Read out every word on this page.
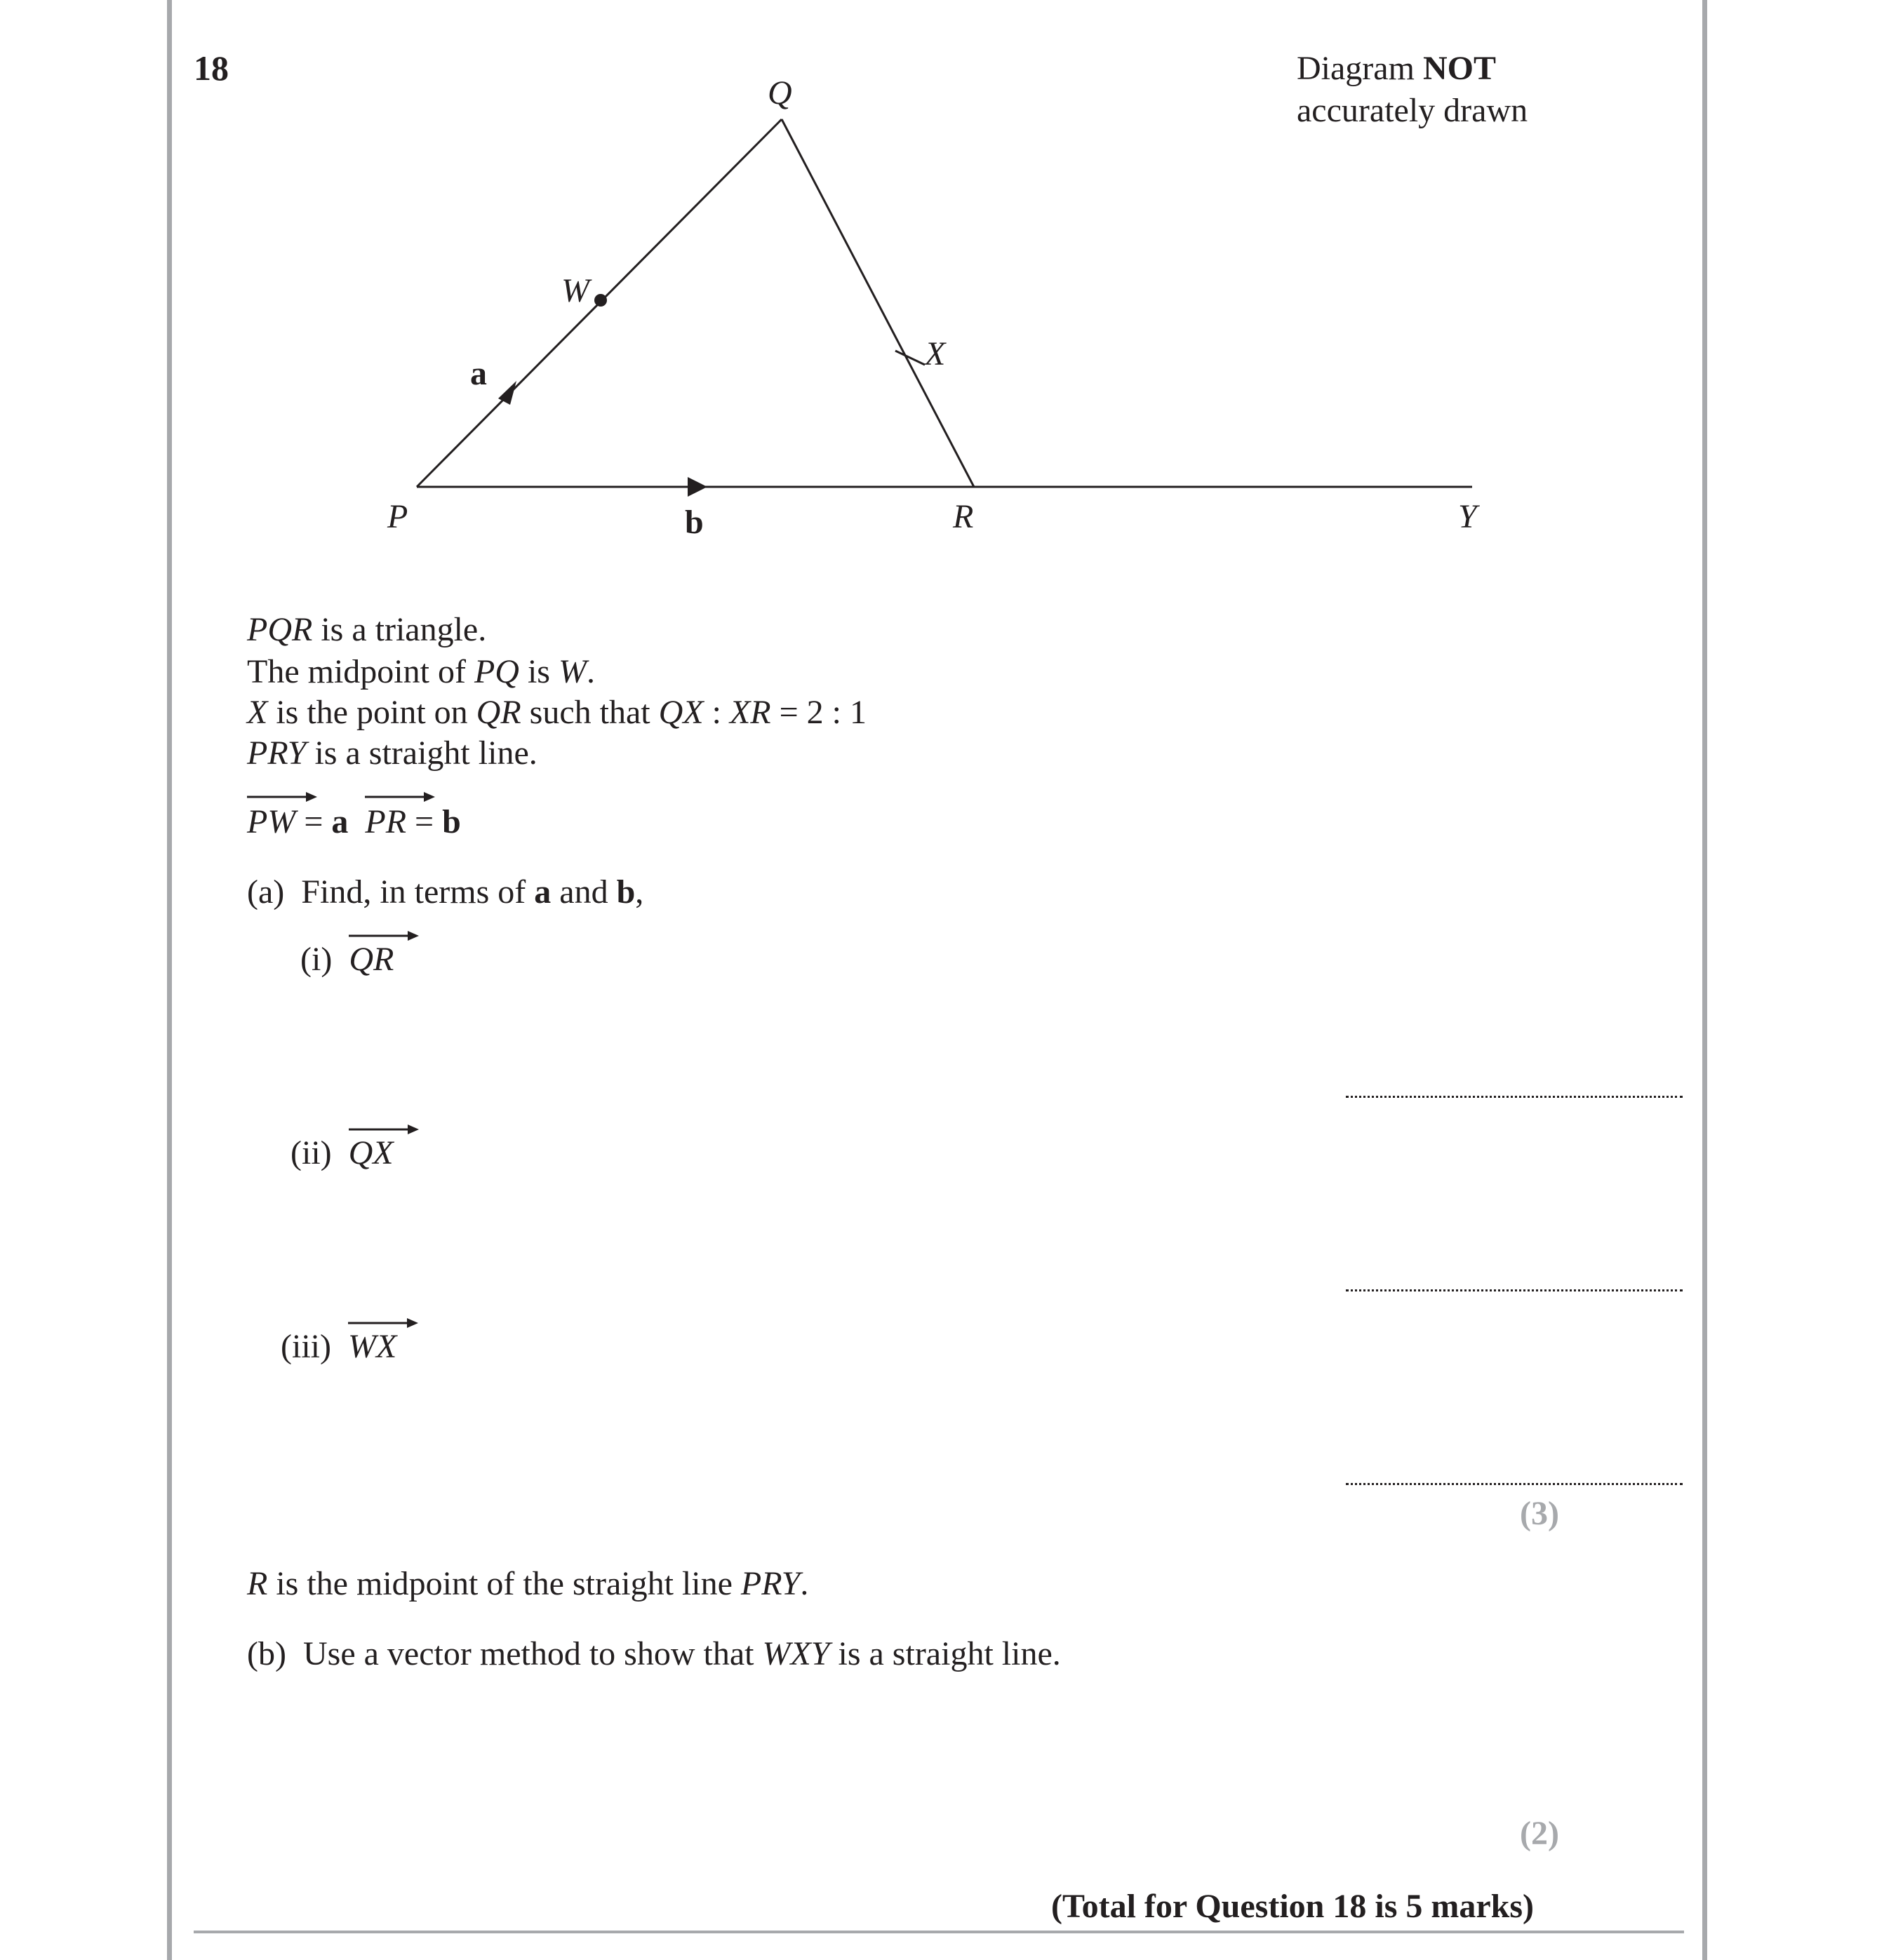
18	Diagram NOT
accurately drawn
Q
W
X
a
P	b	R	Y
PQR is a triangle.
The midpoint of PQ is W.
X is the point on QR such that QX : XR = 2 : 1
PRY is a straight line.
PW = a PR = b
(a) Find, in terms of a and b,
(i) QR
(ii) QX
(iii) WX
(3)
R is the midpoint of the straight line PRY.
(b) Use a vector method to show that WXY is a straight line.
(2)
(Total for Question 18 is 5 marks)
